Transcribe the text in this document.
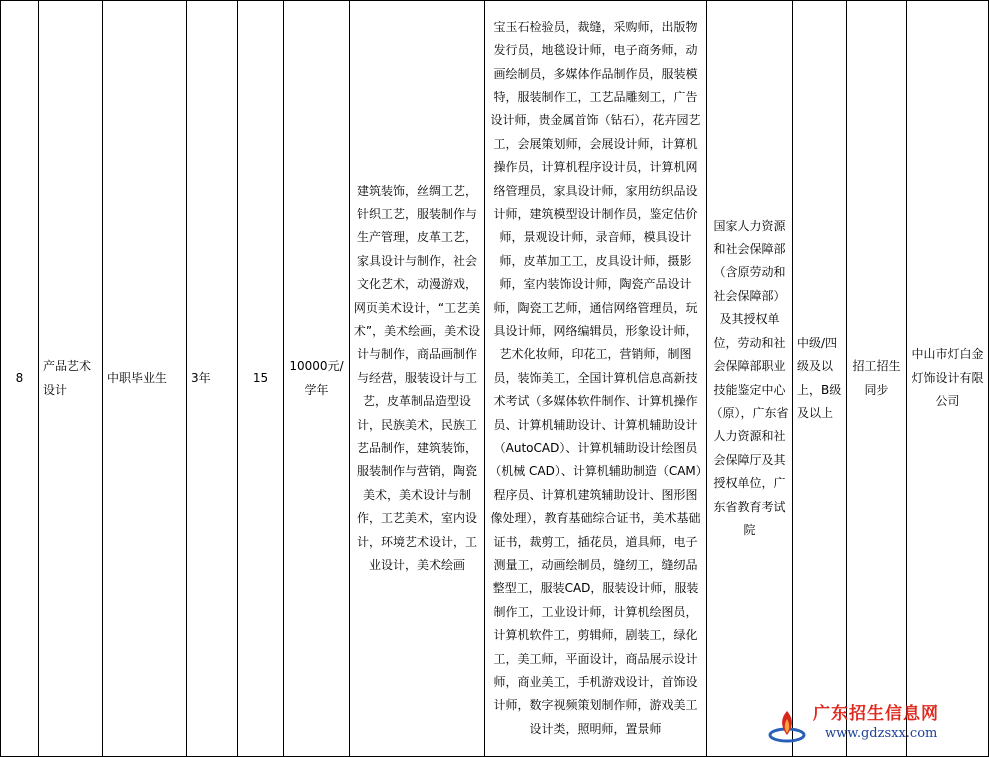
8	产品艺术设计	中职毕业生	3年	15	10000元/学年	建筑装饰，丝绸工艺，针织工艺，服装制作与生产管理，皮革工艺，家具设计与制作，社会文化艺术，动漫游戏，网页美术设计，“工艺美术”，美术绘画，美术设计与制作，商品画制作与经营，服装设计与工艺，皮革制品造型设计，民族美术，民族工艺品制作，建筑装饰，服装制作与营销，陶瓷美术，美术设计与制作，工艺美术，室内设计，环境艺术设计，工业设计，美术绘画	宝玉石检验员，裁缝，采购师，出版物发行员，地毯设计师，电子商务师，动画绘制员，多媒体作品制作员，服装模特，服装制作工，工艺品雕刻工，广告设计师，贵金属首饰（钻石），花卉园艺工，会展策划师，会展设计师，计算机操作员，计算机程序设计员，计算机网络管理员，家具设计师，家用纺织品设计师，建筑模型设计制作员，鉴定估价师，景观设计师，录音师，模具设计师，皮革加工工，皮具设计师，摄影师，室内装饰设计师，陶瓷产品设计师，陶瓷工艺师，通信网络管理员，玩具设计师，网络编辑员，形象设计师，艺术化妆师，印花工，营销师，制图员，装饰美工，全国计算机信息高新技术考试（多媒体软件制作、计算机操作员、计算机辅助设计、计算机辅助设计（AutoCAD）、计算机辅助设计绘图员（机械 CAD）、计算机辅助制造（CAM）程序员、计算机建筑辅助设计、图形图像处理），教育基础综合证书，美术基础证书，裁剪工，插花员，道具师，电子测量工，动画绘制员，缝纫工，缝纫品整型工，服装CAD，服装设计师，服装制作工，工业设计师，计算机绘图员，计算机软件工，剪辑师，剧装工，绿化工，美工师，平面设计，商品展示设计师，商业美工，手机游戏设计，首饰设计师，数字视频策划制作师，游戏美工设计类，照明师，置景师	国家人力资源和社会保障部（含原劳动和社会保障部）及其授权单位，劳动和社会保障部职业技能鉴定中心（原），广东省人力资源和社会保障厅及其授权单位，广东省教育考试院	中级/四级及以上，B级及以上	招工招生同步	中山市灯白金灯饰设计有限公司
广东招生信息网
www.gdzsxx.com
